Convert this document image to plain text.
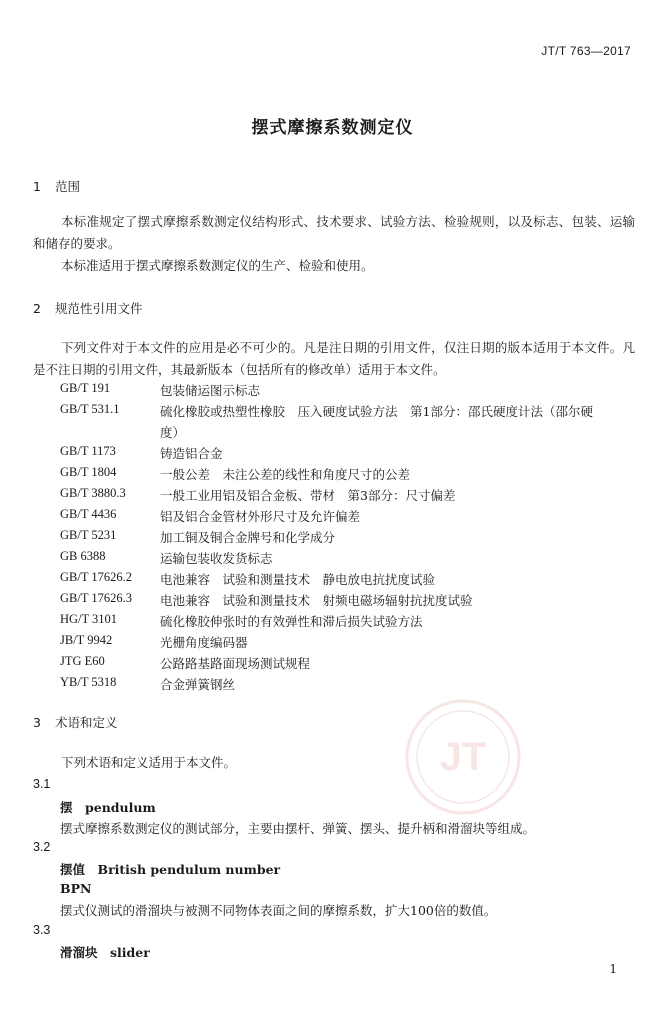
JT/T 763—2017
摆式摩擦系数测定仪
1 范围
本标准规定了摆式摩擦系数测定仪结构形式、技术要求、试验方法、检验规则，以及标志、包装、运输和储存的要求。
本标准适用于摆式摩擦系数测定仪的生产、检验和使用。
2 规范性引用文件
下列文件对于本文件的应用是必不可少的。凡是注日期的引用文件，仅注日期的版本适用于本文件。凡是不注日期的引用文件，其最新版本（包括所有的修改单）适用于本文件。
GB/T 191	包装储运图示标志
GB/T 531.1	硫化橡胶或热塑性橡胶　压入硬度试验方法　第1部分：邵氏硬度计法（邵尔硬
度）
GB/T 1173	铸造铝合金
GB/T 1804	一般公差　未注公差的线性和角度尺寸的公差
GB/T 3880.3	一般工业用铝及铝合金板、带材　第3部分：尺寸偏差
GB/T 4436	铝及铝合金管材外形尺寸及允许偏差
GB/T 5231	加工铜及铜合金牌号和化学成分
GB 6388	运输包装收发货标志
GB/T 17626.2 电池兼容　试验和测量技术　静电放电抗扰度试验
GB/T 17626.3 电池兼容　试验和测量技术　射频电磁场辐射抗扰度试验
HG/T 3101	硫化橡胶伸张时的有效弹性和滞后损失试验方法
JB/T 9942	光栅角度编码器
JTG E60	公路路基路面现场测试规程
YB/T 5318	合金弹簧钢丝
JT
3 术语和定义
下列术语和定义适用于本文件。
3.1
摆　pendulum
摆式摩擦系数测定仪的测试部分，主要由摆杆、弹簧、摆头、提升柄和滑溜块等组成。
3.2
摆值　British pendulum number
BPN
摆式仪测试的滑溜块与被测不同物体表面之间的摩擦系数，扩大100倍的数值。
3.3
滑溜块　slider
1
